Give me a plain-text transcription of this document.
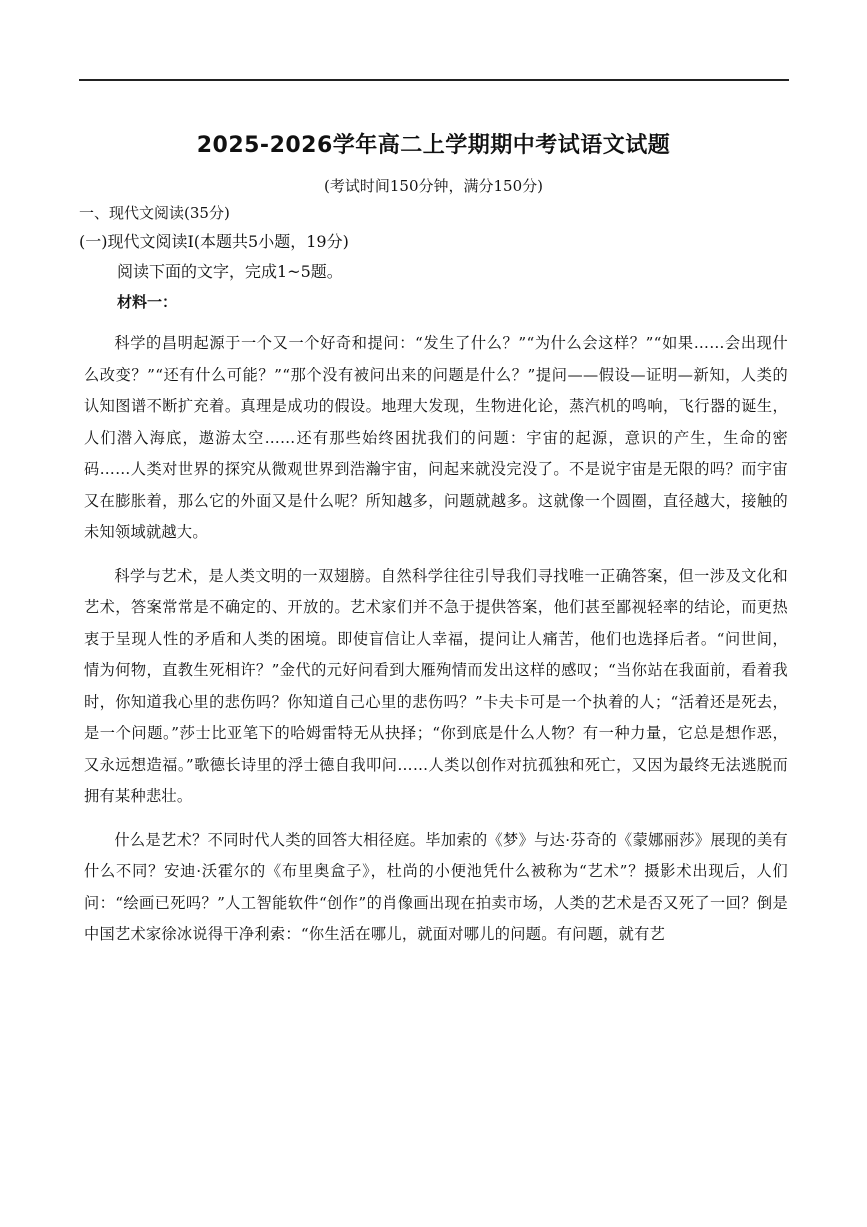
2025-2026学年高二上学期期中考试语文试题
(考试时间150分钟，满分150分)
一、现代文阅读(35分)
(一)现代文阅读Ⅰ(本题共5小题，19分)
阅读下面的文字，完成1~5题。
材料一：

科学的昌明起源于一个又一个好奇和提问：“发生了什么？”“为什么会这样？”“如果……会出现什么改变？”“还有什么可能？”“那个没有被问出来的问题是什么？”提问——假设—证明—新知，人类的认知图谱不断扩充着。真理是成功的假设。地理大发现，生物进化论，蒸汽机的鸣响，飞行器的诞生，人们潜入海底，遨游太空……还有那些始终困扰我们的问题：宇宙的起源，意识的产生，生命的密码……人类对世界的探究从微观世界到浩瀚宇宙，问起来就没完没了。不是说宇宙是无限的吗？而宇宙又在膨胀着，那么它的外面又是什么呢？所知越多，问题就越多。这就像一个圆圈，直径越大，接触的未知领域就越大。

科学与艺术，是人类文明的一双翅膀。自然科学往往引导我们寻找唯一正确答案，但一涉及文化和艺术，答案常常是不确定的、开放的。艺术家们并不急于提供答案，他们甚至鄙视轻率的结论，而更热衷于呈现人性的矛盾和人类的困境。即使盲信让人幸福，提问让人痛苦，他们也选择后者。“问世间，情为何物，直教生死相许？”金代的元好问看到大雁殉情而发出这样的感叹；“当你站在我面前，看着我时，你知道我心里的悲伤吗？你知道自己心里的悲伤吗？”卡夫卡可是一个执着的人；“活着还是死去，是一个问题。”莎士比亚笔下的哈姆雷特无从抉择；“你到底是什么人物？有一种力量，它总是想作恶，又永远想造福。”歌德长诗里的浮士德自我叩问……人类以创作对抗孤独和死亡，又因为最终无法逃脱而拥有某种悲壮。

什么是艺术？不同时代人类的回答大相径庭。毕加索的《梦》与达·芬奇的《蒙娜丽莎》展现的美有什么不同？安迪·沃霍尔的《布里奥盒子》，杜尚的小便池凭什么被称为“艺术”？摄影术出现后，人们问：“绘画已死吗？”人工智能软件“创作”的肖像画出现在拍卖市场，人类的艺术是否又死了一回？倒是中国艺术家徐冰说得干净利索：“你生活在哪儿，就面对哪儿的问题。有问题，就有艺
